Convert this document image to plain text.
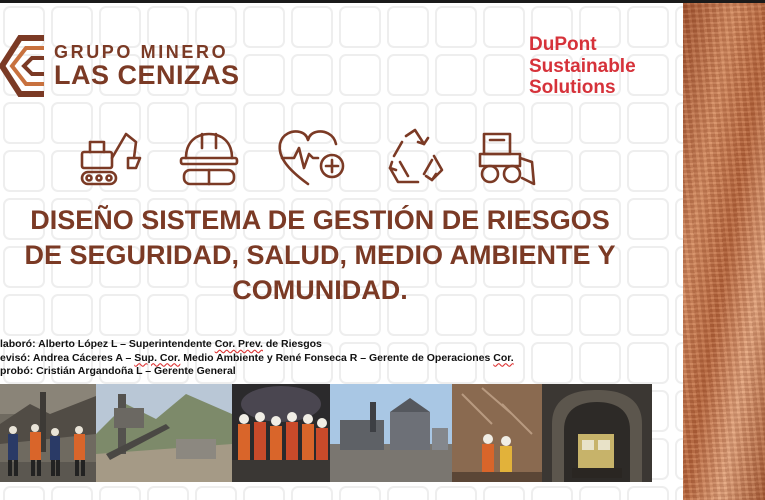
GRUPO MINERO
LAS CENIZAS
DuPont
Sustainable
Solutions
DISEÑO SISTEMA DE GESTIÓN DE RIESGOS
DE SEGURIDAD, SALUD, MEDIO AMBIENTE Y
COMUNIDAD.
laboró: Alberto López L – Superintendente Cor. Prev. de Riesgos
evisó: Andrea Cáceres A – Sup. Cor. Medio Ambiente y René Fonseca R – Gerente de Operaciones Cor.
probó: Cristián Argandoña L – Gerente General
